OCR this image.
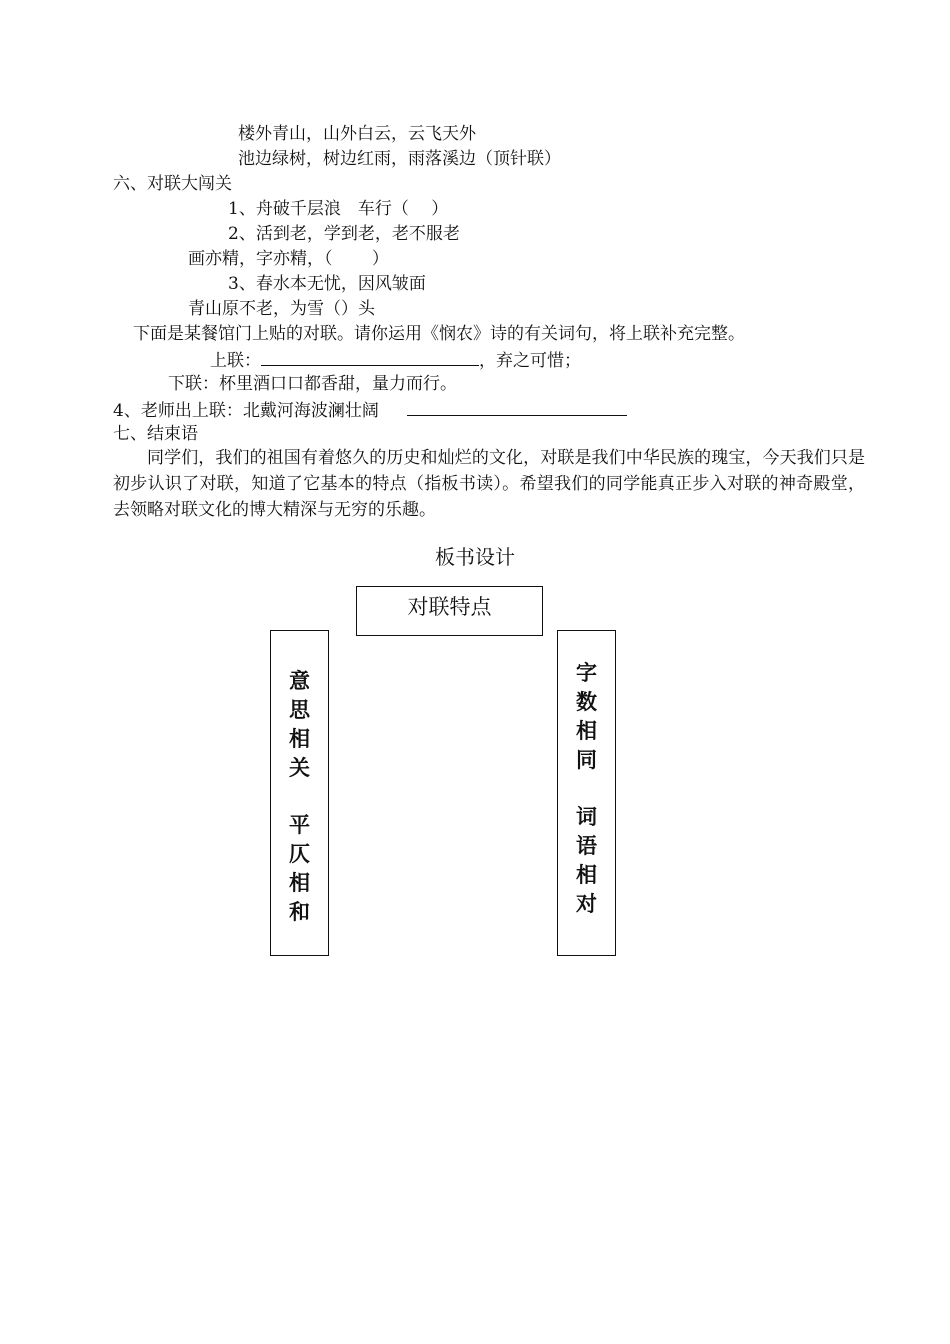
楼外青山，山外白云，云飞天外
池边绿树，树边红雨，雨落溪边（顶针联）
六、对联大闯关
1、舟破千层浪　车行（　 ）
2、活到老，学到老，老不服老
画亦精，字亦精，（　　 ）
3、春水本无忧，因风皱面
青山原不老，为雪（）头
下面是某餐馆门上贴的对联。请你运用《悯农》诗的有关词句，将上联补充完整。
上联：	，弃之可惜；
下联：杯里酒口口都香甜，量力而行。
4、老师出上联：北戴河海波澜壮阔
七、结束语
同学们，我们的祖国有着悠久的历史和灿烂的文化，对联是我们中华民族的瑰宝，今天我们只是初步认识了对联，知道了它基本的特点（指板书读）。希望我们的同学能真正步入对联的神奇殿堂，去领略对联文化的博大精深与无穷的乐趣。
板书设计
对联特点
意思相关
平仄相和
字数相同
词语相对
